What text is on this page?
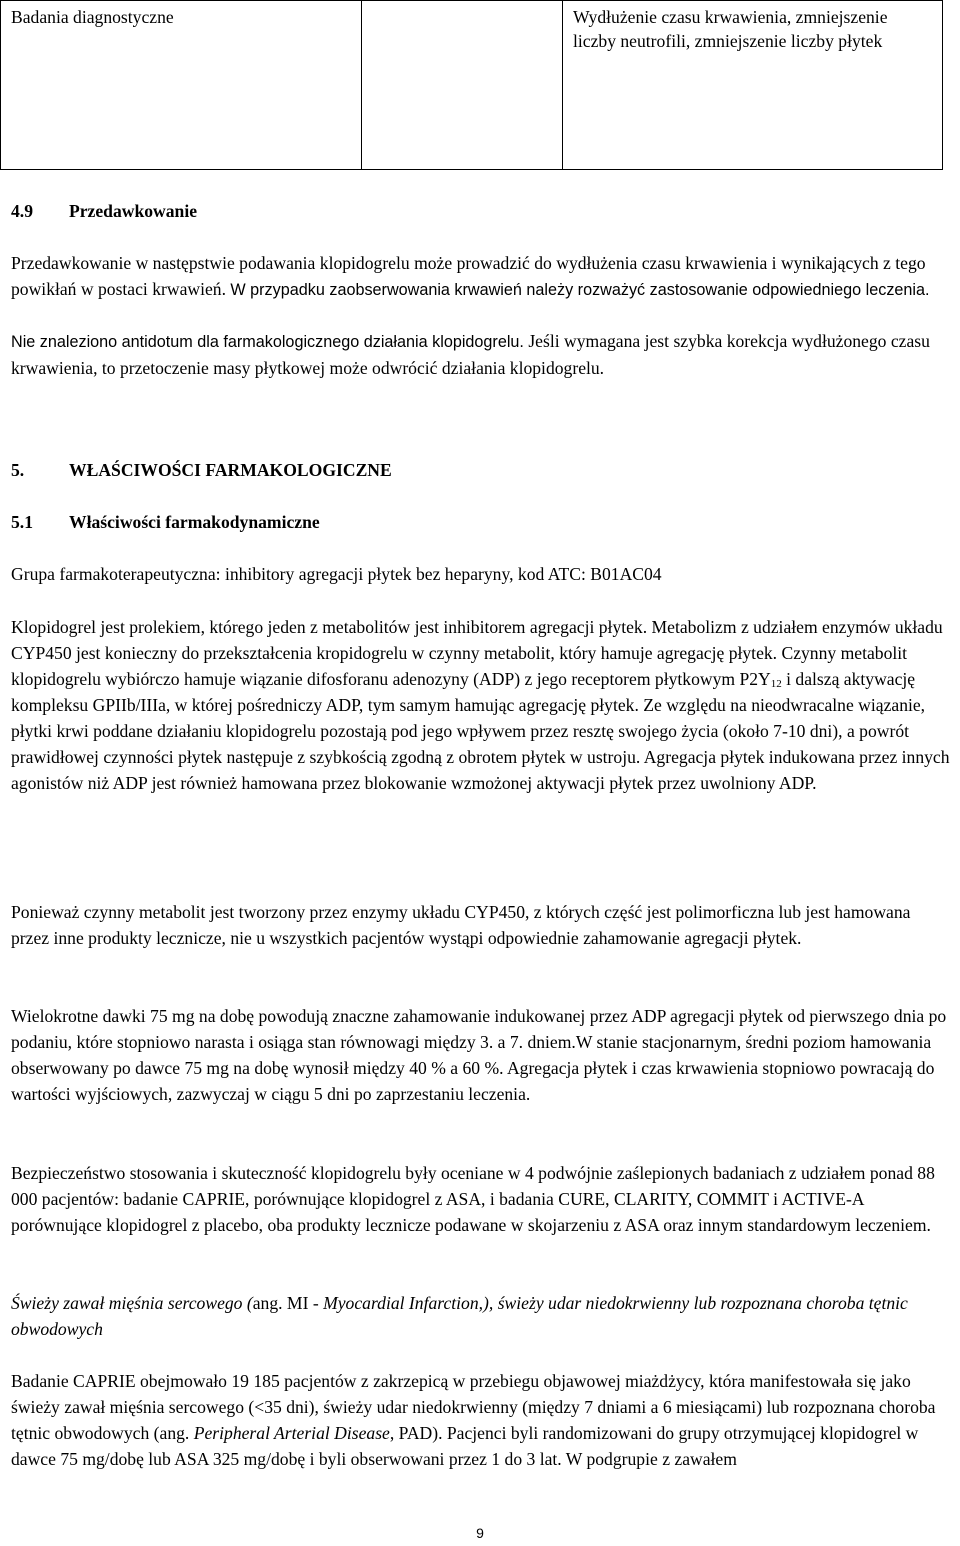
Badania diagnostyczne		Wydłużenie czasu krwawienia, zmniejszenie liczby neutrofili, zmniejszenie liczby płytek
4.9 Przedawkowanie
Przedawkowanie w następstwie podawania klopidogrelu może prowadzić do wydłużenia czasu krwawienia i wynikających z tego powikłań w postaci krwawień. W przypadku zaobserwowania krwawień należy rozważyć zastosowanie odpowiedniego leczenia.
Nie znaleziono antidotum dla farmakologicznego działania klopidogrelu. Jeśli wymagana jest szybka korekcja wydłużonego czasu krwawienia, to przetoczenie masy płytkowej może odwrócić działania klopidogrelu.
5.	WŁAŚCIWOŚCI FARMAKOLOGICZNE
5.1 Właściwości farmakodynamiczne
Grupa farmakoterapeutyczna: inhibitory agregacji płytek bez heparyny, kod ATC: B01AC04
Klopidogrel jest prolekiem, którego jeden z metabolitów jest inhibitorem agregacji płytek. Metabolizm z udziałem enzymów układu CYP450 jest konieczny do przekształcenia kropidogrelu w czynny metabolit, który hamuje agregację płytek. Czynny metabolit klopidogrelu wybiórczo hamuje wiązanie difosforanu adenozyny (ADP) z jego receptorem płytkowym $P2Y_{12}$ i dalszą aktywację kompleksu GPIIb/IIIa, w której pośredniczy ADP, tym samym hamując agregację płytek. Ze względu na nieodwracalne wiązanie, płytki krwi poddane działaniu klopidogrelu pozostają pod jego wpływem przez resztę swojego życia (około 7-10 dni), a powrót prawidłowej czynności płytek następuje z szybkością zgodną z obrotem płytek w ustroju. Agregacja płytek indukowana przez innych agonistów niż ADP jest również hamowana przez blokowanie wzmożonej aktywacji płytek przez uwolniony ADP.
Ponieważ czynny metabolit jest tworzony przez enzymy układu CYP450, z których część jest polimorficzna lub jest hamowana przez inne produkty lecznicze, nie u wszystkich pacjentów wystąpi odpowiednie zahamowanie agregacji płytek.
Wielokrotne dawki 75 mg na dobę powodują znaczne zahamowanie indukowanej przez ADP agregacji płytek od pierwszego dnia po podaniu, które stopniowo narasta i osiąga stan równowagi między 3. a 7. dniem.W stanie stacjonarnym, średni poziom hamowania obserwowany po dawce 75 mg na dobę wynosił między 40 % a 60 %. Agregacja płytek i czas krwawienia stopniowo powracają do wartości wyjściowych, zazwyczaj w ciągu 5 dni po zaprzestaniu leczenia.
Bezpieczeństwo stosowania i skuteczność klopidogrelu były oceniane w 4 podwójnie zaślepionych badaniach z udziałem ponad 88 000 pacjentów: badanie CAPRIE, porównujące klopidogrel z ASA, i badania CURE, CLARITY, COMMIT i ACTIVE-A porównujące klopidogrel z placebo, oba produkty lecznicze podawane w skojarzeniu z ASA oraz innym standardowym leczeniem.
Świeży zawał mięśnia sercowego (ang. MI - Myocardial Infarction,), świeży udar niedokrwienny lub rozpoznana choroba tętnic obwodowych
Badanie CAPRIE obejmowało 19 185 pacjentów z zakrzepicą w przebiegu objawowej miażdżycy, która manifestowała się jako świeży zawał mięśnia sercowego (<35 dni), świeży udar niedokrwienny (między 7 dniami a 6 miesiącami) lub rozpoznana choroba tętnic obwodowych (ang. Peripheral Arterial Disease, PAD). Pacjenci byli randomizowani do grupy otrzymującej klopidogrel w dawce 75 mg/dobę lub ASA 325 mg/dobę i byli obserwowani przez 1 do 3 lat. W podgrupie z zawałem
9
